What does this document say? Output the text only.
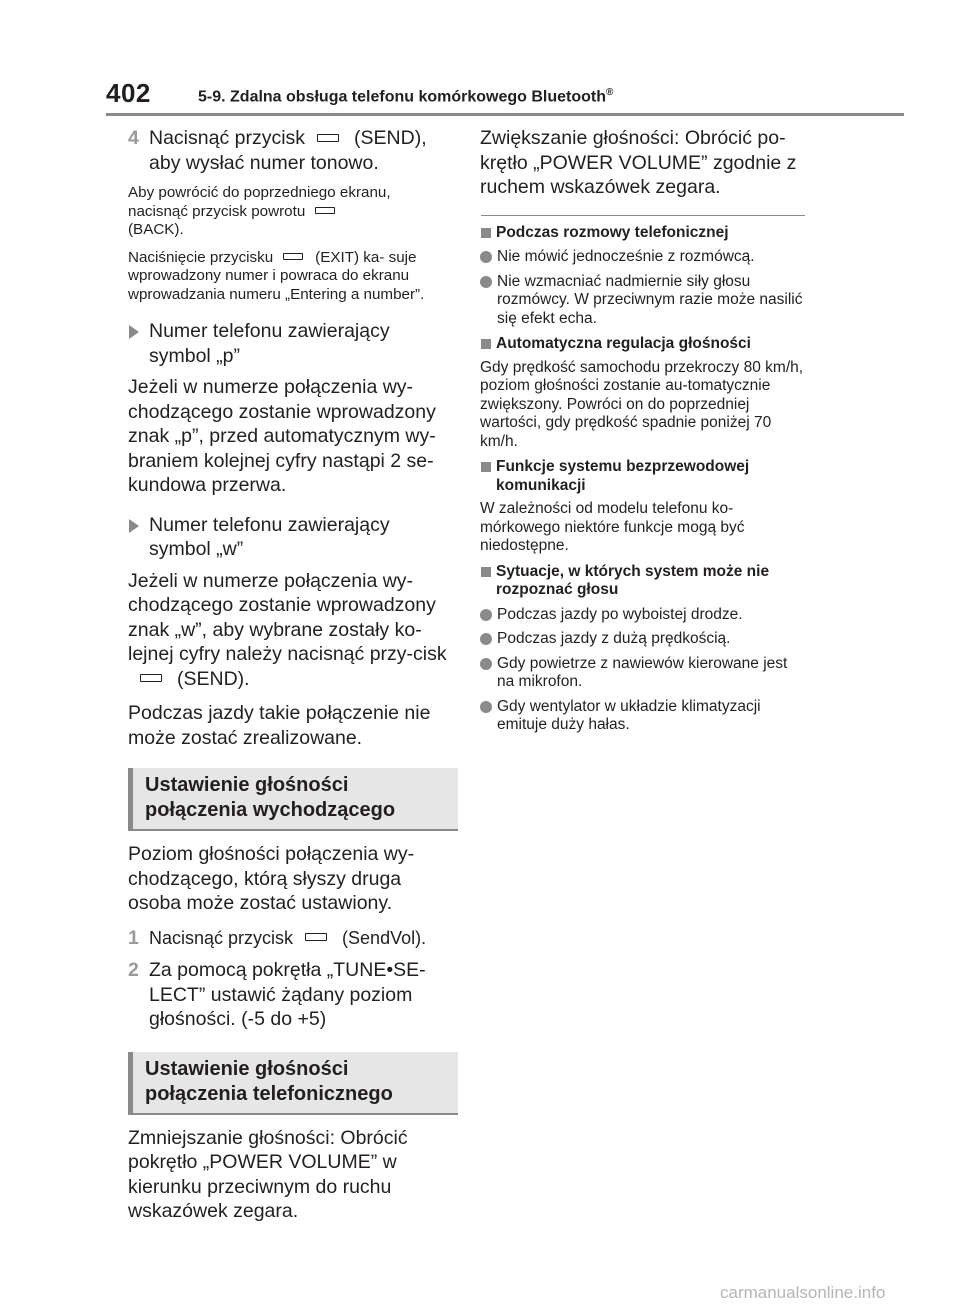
402	5-9. Zdalna obsługa telefonu komórkowego Bluetooth®
4 Nacisnąć przycisk	(SEND),
aby wysłać numer tonowo.

Aby powrócić do poprzedniego ekranu,
nacisnąć przycisk powrotu
(BACK).

Naciśnięcie przycisku	(EXIT) ka- suje wprowadzony numer i powraca do ekranu wprowadzania numeru „Entering a number”.

Numer telefonu zawierający symbol „p”

Jeżeli w numerze połączenia wy-chodzącego zostanie wprowadzony znak „p”, przed automatycznym wy-braniem kolejnej cyfry nastąpi 2 se-kundowa przerwa.

Numer telefonu zawierający symbol „w”

Jeżeli w numerze połączenia wy-chodzącego zostanie wprowadzony znak „w”, aby wybrane zostały ko-lejnej cyfry należy nacisnąć przy-cisk(SEND).

Podczas jazdy takie połączenie nie może zostać zrealizowane.

Ustawienie głośności połączenia wychodzącego

Poziom głośności połączenia wy-chodzącego, którą słyszy druga osoba może zostać ustawiony.

1 Nacisnąć przycisk	(SendVol).
2 Za pomocą pokrętła „TUNE•SE-LECT” ustawić żądany poziom głośności. (-5 do +5)
Ustawienie głośności połączenia telefonicznego

Zmniejszanie głośności: Obrócić pokrętło „POWER VOLUME” w kierunku przeciwnym do ruchu wskazówek zegara.

Zwiększanie głośności: Obrócić po-krętło „POWER VOLUME” zgodnie z ruchem wskazówek zegara.

Podczas rozmowy telefonicznej
Nie mówić jednocześnie z rozmówcą.
Nie wzmacniać nadmiernie siły głosu rozmówcy. W przeciwnym razie może nasilić się efekt echa.
Automatyczna regulacja głośności

Gdy prędkość samochodu przekroczy 80 km/h, poziom głośności zostanie au-tomatycznie zwiększony. Powróci on do poprzedniej wartości, gdy prędkość spadnie poniżej 70 km/h.

Funkcje systemu bezprzewodowej komunikacji

W zależności od modelu telefonu ko-mórkowego niektóre funkcje mogą być niedostępne.

Sytuacje, w których system może nie rozpoznać głosu
Podczas jazdy po wyboistej drodze.
Podczas jazdy z dużą prędkością.
Gdy powietrze z nawiewów kierowane jest na mikrofon.
Gdy wentylator w układzie klimatyzacji emituje duży hałas.
carmanualsonline.info
